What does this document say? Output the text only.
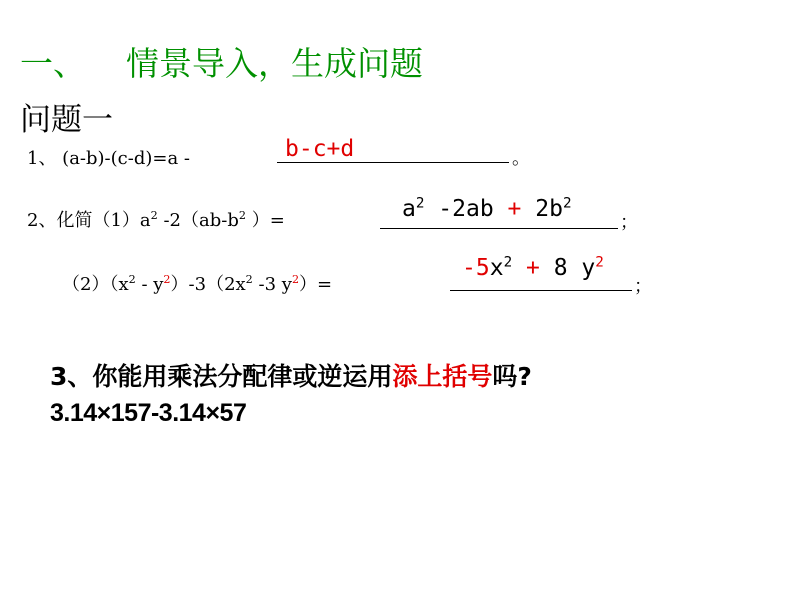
一、 情景导入，生成问题
问题一
1、 (a-b)-(c-d)=a -	b-c+d	。
2、化简$(1)a^2$ $-2(ab-b^2$ ）=	$a^2$ $-2ab + 2b^2$
；
$(2)(x^2 - y^2)-3(2x^2$ -3 $y^2)=$
$-5x^2 + 8$ $y^2$
；
3、你能用乘法分配律或逆运用添上括号吗?
3.14×157-3.14×57
